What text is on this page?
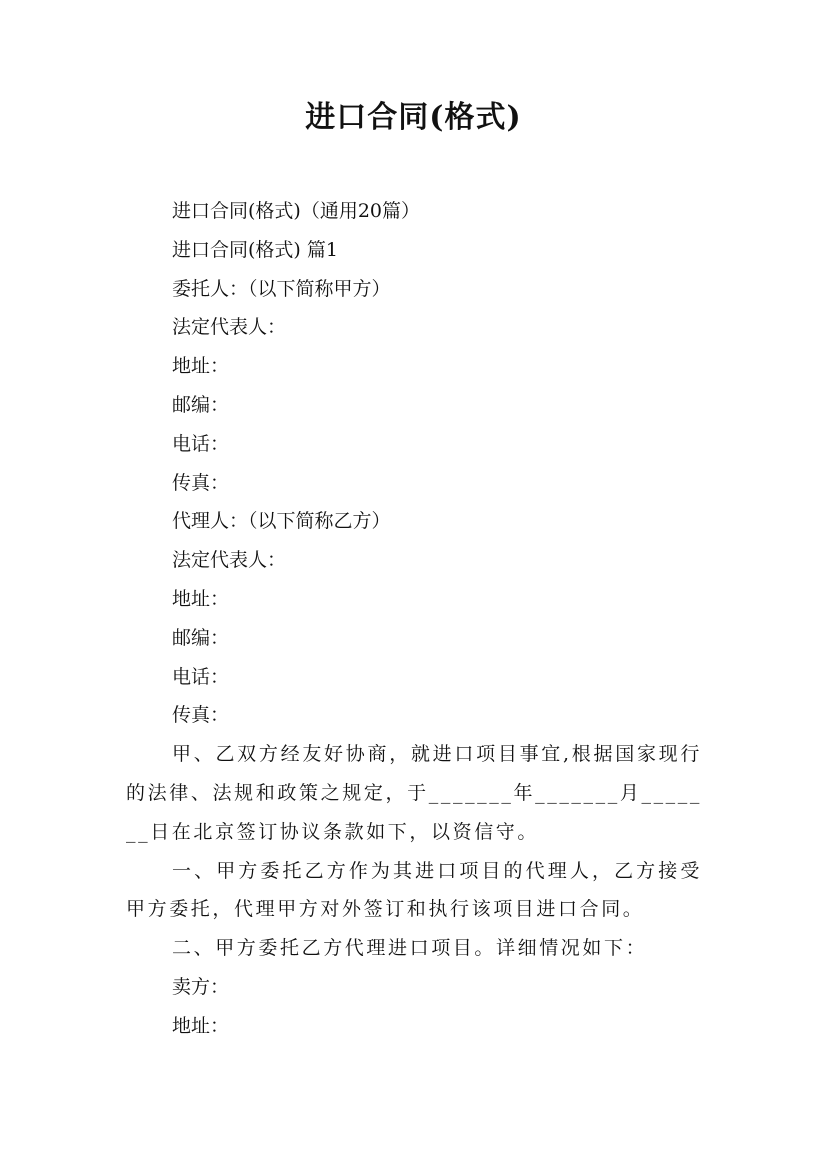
进口合同(格式)
进口合同(格式)（通用20篇）
进口合同(格式) 篇1
委托人：（以下简称甲方）
法定代表人：
地址：
邮编：
电话：
传真：
代理人：（以下简称乙方）
法定代表人：
地址：
邮编：
电话：
传真：
甲、乙双方经友好协商，就进口项目事宜,根据国家现行的法律、法规和政策之规定，于_______年_______月_______日在北京签订协议条款如下，以资信守。
一、甲方委托乙方作为其进口项目的代理人，乙方接受甲方委托，代理甲方对外签订和执行该项目进口合同。
二、甲方委托乙方代理进口项目。详细情况如下：
卖方：
地址：
